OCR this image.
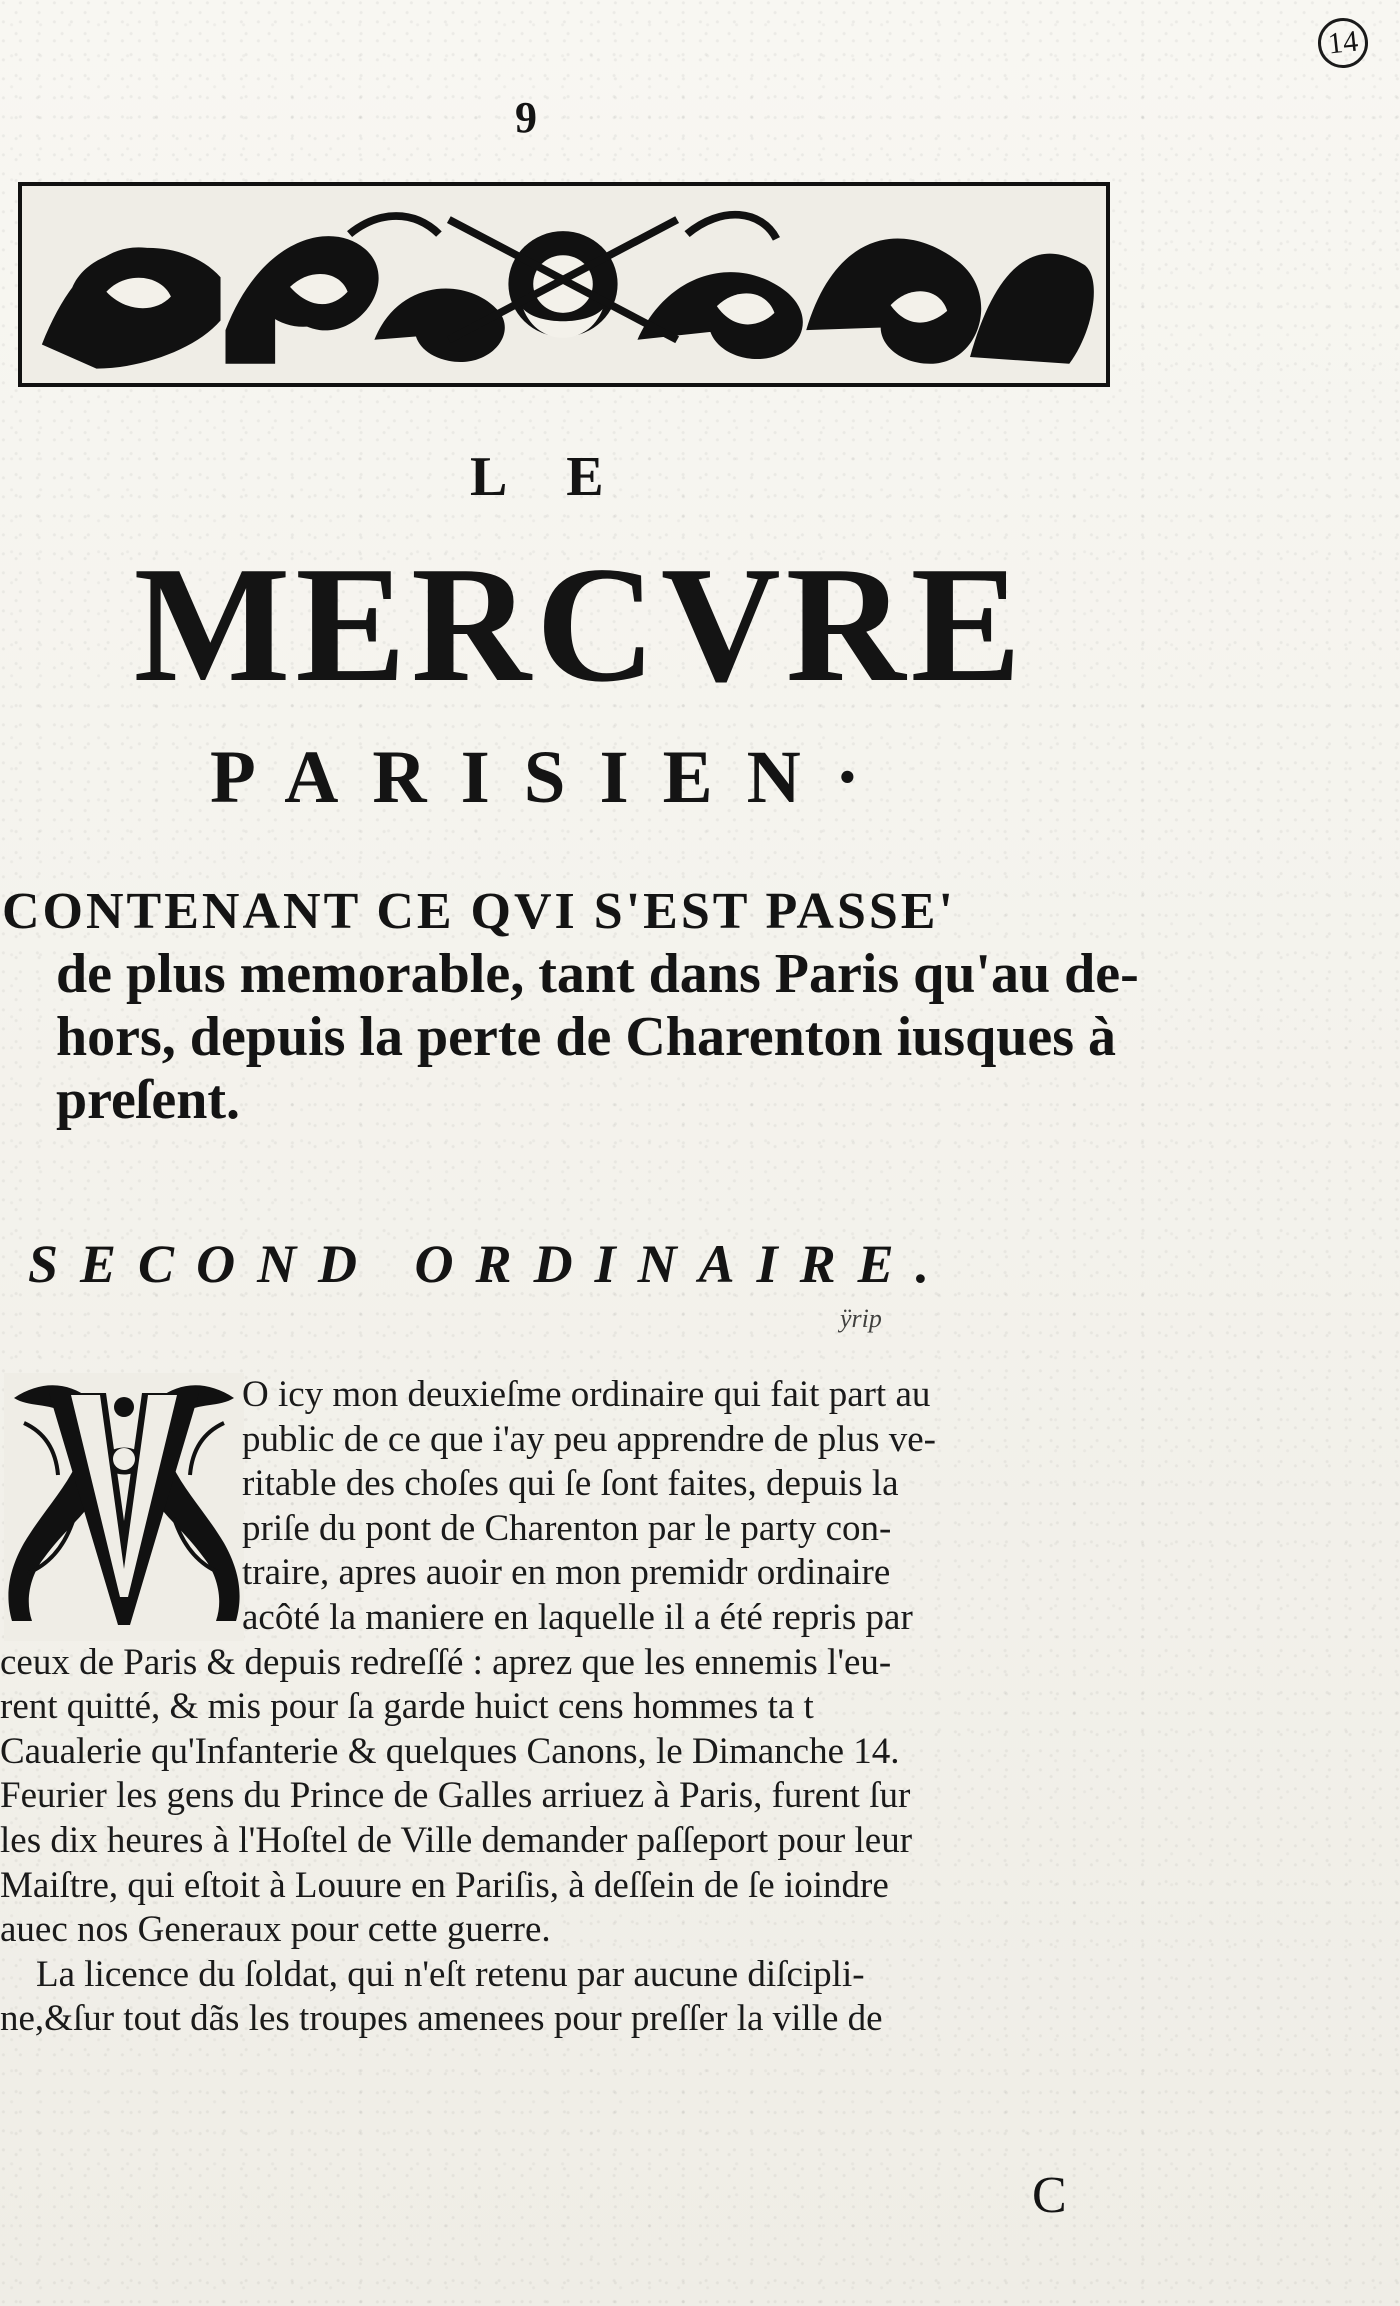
14
9
L E
MERCVRE
PARISIEN·
CONTENANT CE QVI S'EST PASSE'
de plus memorable, tant dans Paris qu'au de-
hors, depuis la perte de Charenton iusques à
preſent.
SECOND ORDINAIRE.
ÿrip
O icy mon deuxieſme ordinaire qui fait part au
public de ce que i'ay peu apprendre de plus ve-
ritable des choſes qui ſe ſont faites, depuis la
priſe du pont de Charenton par le party con-
traire, apres auoir en mon premidr ordinaire
acôté la maniere en laquelle il a été repris par
ceux de Paris & depuis redreſſé : aprez que les ennemis l'eu-
rent quitté, & mis pour ſa garde huict cens hommes ta t
Caualerie qu'Infanterie & quelques Canons, le Dimanche 14.
Feurier les gens du Prince de Galles arriuez à Paris, furent ſur
les dix heures à l'Hoſtel de Ville demander paſſeport pour leur
Maiſtre, qui eſtoit à Louure en Pariſis, à deſſein de ſe ioindre
auec nos Generaux pour cette guerre.
La licence du ſoldat, qui n'eſt retenu par aucune diſcipli-
ne,&ſur tout dãs les troupes amenees pour preſſer la ville de
C
